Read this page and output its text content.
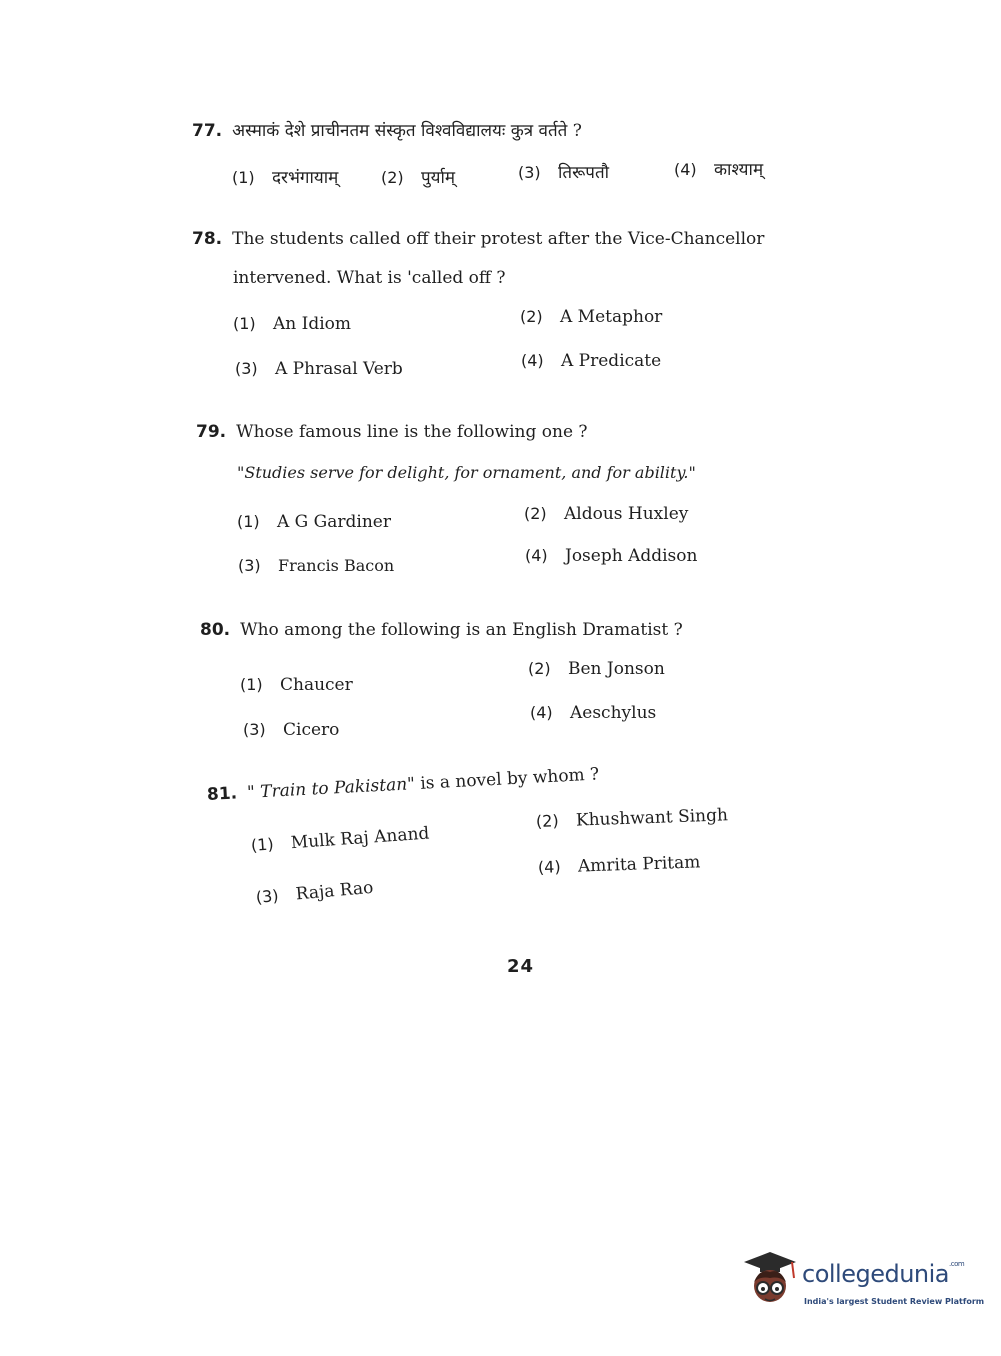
77. अस्माकं देशे प्राचीनतम संस्कृत विश्वविद्यालयः कुत्र वर्तते ?
(1) दरभंगायाम्	(2) पुर्याम्	(3) तिरूपतौ	(4) काश्याम्
78. The students called off their protest after the Vice-Chancellor
intervened. What is 'called off ?
(1) An Idiom	(2) A Metaphor
(3) A Phrasal Verb	(4) A Predicate
79. Whose famous line is the following one ?
"Studies serve for delight, for ornament, and for ability."
(1) A G Gardiner	(2) Aldous Huxley
(3) Francis Bacon
(4) Joseph Addison
80. Who among the following is an English Dramatist ?
(1) Chaucer
(2) Ben Jonson
(3) Cicero
(4) Aeschylus
81. " Train to Pakistan" is a novel by whom ?
(1) Mulk Raj Anand
(2) Khushwant Singh
(3) Raja Rao
(4) Amrita Pritam
24
collegedunia$^{.com}$
India's largest Student Review Platform
